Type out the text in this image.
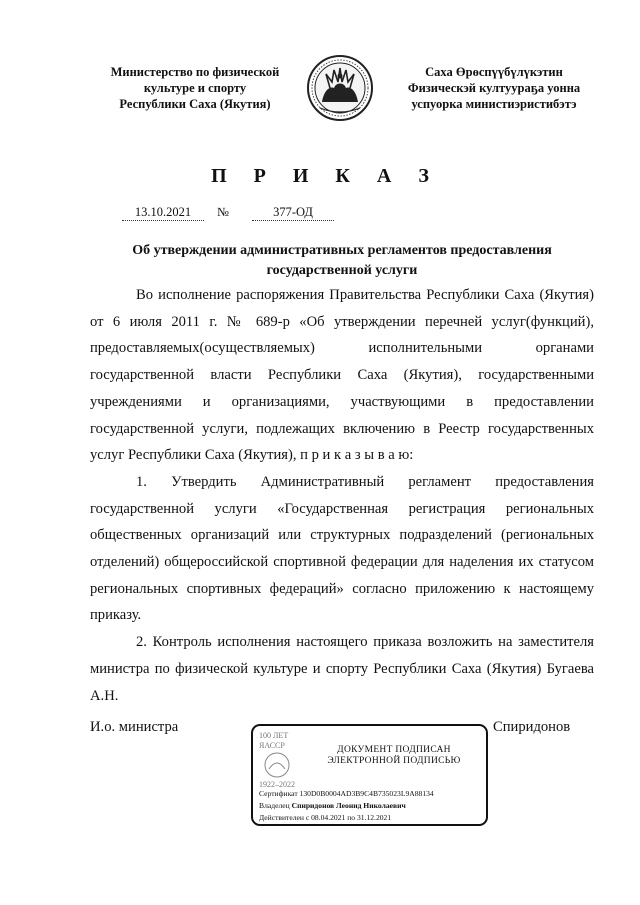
Министерство по физической
культуре и спорту
Республики Саха (Якутия)
Саха Өрөспүүбүлүкэтин
Физическэй култуураҕа уонна
успуорка министиэристибэтэ
П Р И К А З
13.10.2021	№	377-ОД
Об утверждении административных регламентов предоставления
государственной услуги

Во исполнение распоряжения Правительства Республики Саха (Якутия) от 6 июля 2011 г. № 689-р «Об утверждении перечней услуг(функций), предоставляемых(осуществляемых) исполнительными органами государственной власти Республики Саха (Якутия), государственными учреждениями и организациями, участвующими в предоставлении государственной услуги, подлежащих включению в Реестр государственных услуг Республики Саха (Якутия), п р и к а з ы в а ю:

1. Утвердить Административный регламент предоставления государственной услуги «Государственная регистрация региональных общественных организаций или структурных подразделений (региональных отделений) общероссийской спортивной федерации для наделения их статусом региональных спортивных федераций» согласно приложению к настоящему приказу.

2. Контроль исполнения настоящего приказа возложить на заместителя министра по физической культуре и спорту Республики Саха (Якутия) Бугаева А.Н.

И.о. министра	Спиридонов
100 ЛЕТ
ЯАССР
1922–2022
ДОКУМЕНТ ПОДПИСАН
ЭЛЕКТРОННОЙ ПОДПИСЬЮ
Сертификат 130D0B0004AD3B9C4B735023L9A88134
Владелец Спиридонов Леонид Николаевич
Действителен с 08.04.2021 по 31.12.2021
